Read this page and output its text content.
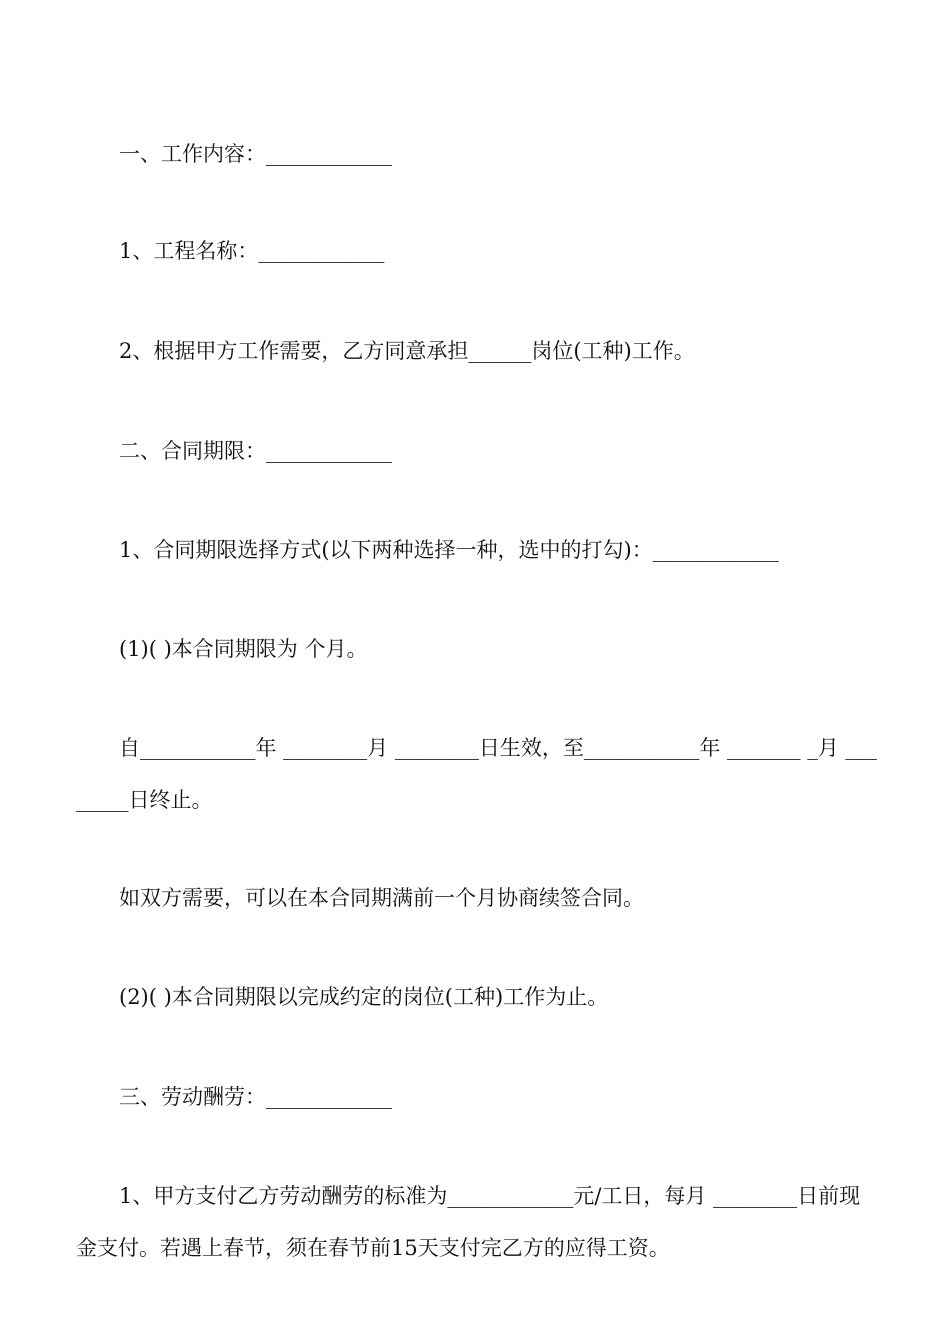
一、工作内容：____________

1、工程名称：____________

2、根据甲方工作需要，乙方同意承担______岗位(工种)工作。

二、合同期限：____________

1、合同期限选择方式(以下两种选择一种，选中的打勾)：____________

(1)( )本合同期限为 个月。

自___________年 ________月 ________日生效，至___________年 _______ _月 ________日终止。

如双方需要，可以在本合同期满前一个月协商续签合同。

(2)( )本合同期限以完成约定的岗位(工种)工作为止。

三、劳动酬劳：____________

1、甲方支付乙方劳动酬劳的标准为____________元/工日，每月 ________日前现金支付。若遇上春节，须在春节前15天支付完乙方的应得工资。
